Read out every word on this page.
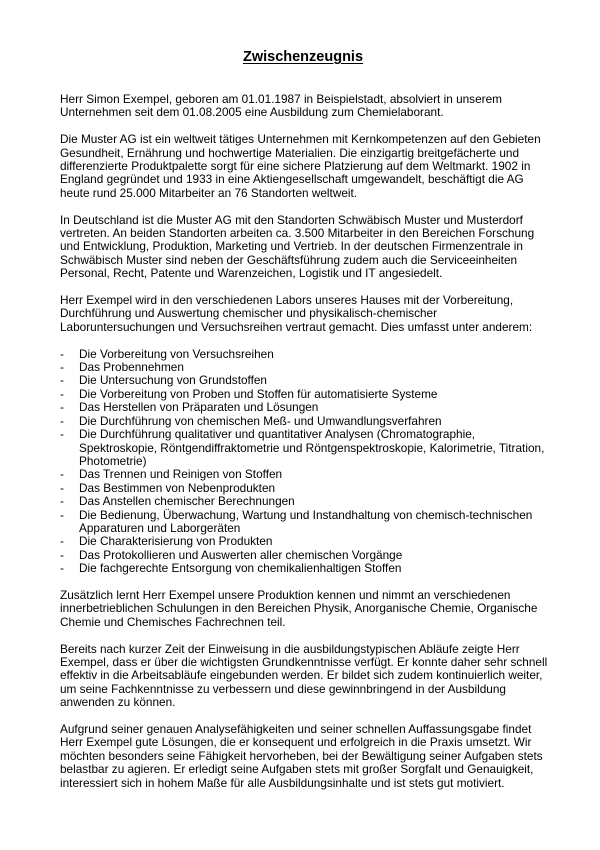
Zwischenzeugnis

Herr Simon Exempel, geboren am 01.01.1987 in Beispielstadt, absolviert in unserem Unternehmen seit dem 01.08.2005 eine Ausbildung zum Chemielaborant.

Die Muster AG ist ein weltweit tätiges Unternehmen mit Kernkompetenzen auf den Gebieten Gesundheit, Ernährung und hochwertige Materialien. Die einzigartig breitgefächerte und differenzierte Produktpalette sorgt für eine sichere Platzierung auf dem Weltmarkt. 1902 in England gegründet und 1933 in eine Aktiengesellschaft umgewandelt, beschäftigt die AG heute rund 25.000 Mitarbeiter an 76 Standorten weltweit.

In Deutschland ist die Muster AG mit den Standorten Schwäbisch Muster und Musterdorf vertreten. An beiden Standorten arbeiten ca. 3.500 Mitarbeiter in den Bereichen Forschung und Entwicklung, Produktion, Marketing und Vertrieb. In der deutschen Firmenzentrale in Schwäbisch Muster sind neben der Geschäftsführung zudem auch die Serviceeinheiten Personal, Recht, Patente und Warenzeichen, Logistik und IT angesiedelt.

Herr Exempel wird in den verschiedenen Labors unseres Hauses mit der Vorbereitung, Durchführung und Auswertung chemischer und physikalisch-chemischer Laboruntersuchungen und Versuchsreihen vertraut gemacht. Dies umfasst unter anderem:

- Die Vorbereitung von Versuchsreihen
- Das Probennehmen
- Die Untersuchung von Grundstoffen
- Die Vorbereitung von Proben und Stoffen für automatisierte Systeme
- Das Herstellen von Präparaten und Lösungen
- Die Durchführung von chemischen Meß- und Umwandlungsverfahren
- Die Durchführung qualitativer und quantitativer Analysen (Chromatographie, Spektroskopie, Röntgendiffraktometrie und Röntgenspektroskopie, Kalorimetrie, Titration, Photometrie)
- Das Trennen und Reinigen von Stoffen
- Das Bestimmen von Nebenprodukten
- Das Anstellen chemischer Berechnungen
- Die Bedienung, Überwachung, Wartung und Instandhaltung von chemisch-technischen Apparaturen und Laborgeräten
- Die Charakterisierung von Produkten
- Das Protokollieren und Auswerten aller chemischen Vorgänge
- Die fachgerechte Entsorgung von chemikalienhaltigen Stoffen

Zusätzlich lernt Herr Exempel unsere Produktion kennen und nimmt an verschiedenen innerbetrieblichen Schulungen in den Bereichen Physik, Anorganische Chemie, Organische Chemie und Chemisches Fachrechnen teil.

Bereits nach kurzer Zeit der Einweisung in die ausbildungstypischen Abläufe zeigte Herr Exempel, dass er über die wichtigsten Grundkenntnisse verfügt. Er konnte daher sehr schnell effektiv in die Arbeitsabläufe eingebunden werden. Er bildet sich zudem kontinuierlich weiter, um seine Fachkenntnisse zu verbessern und diese gewinnbringend in der Ausbildung anwenden zu können.

Aufgrund seiner genauen Analysefähigkeiten und seiner schnellen Auffassungsgabe findet Herr Exempel gute Lösungen, die er konsequent und erfolgreich in die Praxis umsetzt. Wir möchten besonders seine Fähigkeit hervorheben, bei der Bewältigung seiner Aufgaben stets belastbar zu agieren. Er erledigt seine Aufgaben stets mit großer Sorgfalt und Genauigkeit, interessiert sich in hohem Maße für alle Ausbildungsinhalte und ist stets gut motiviert.
